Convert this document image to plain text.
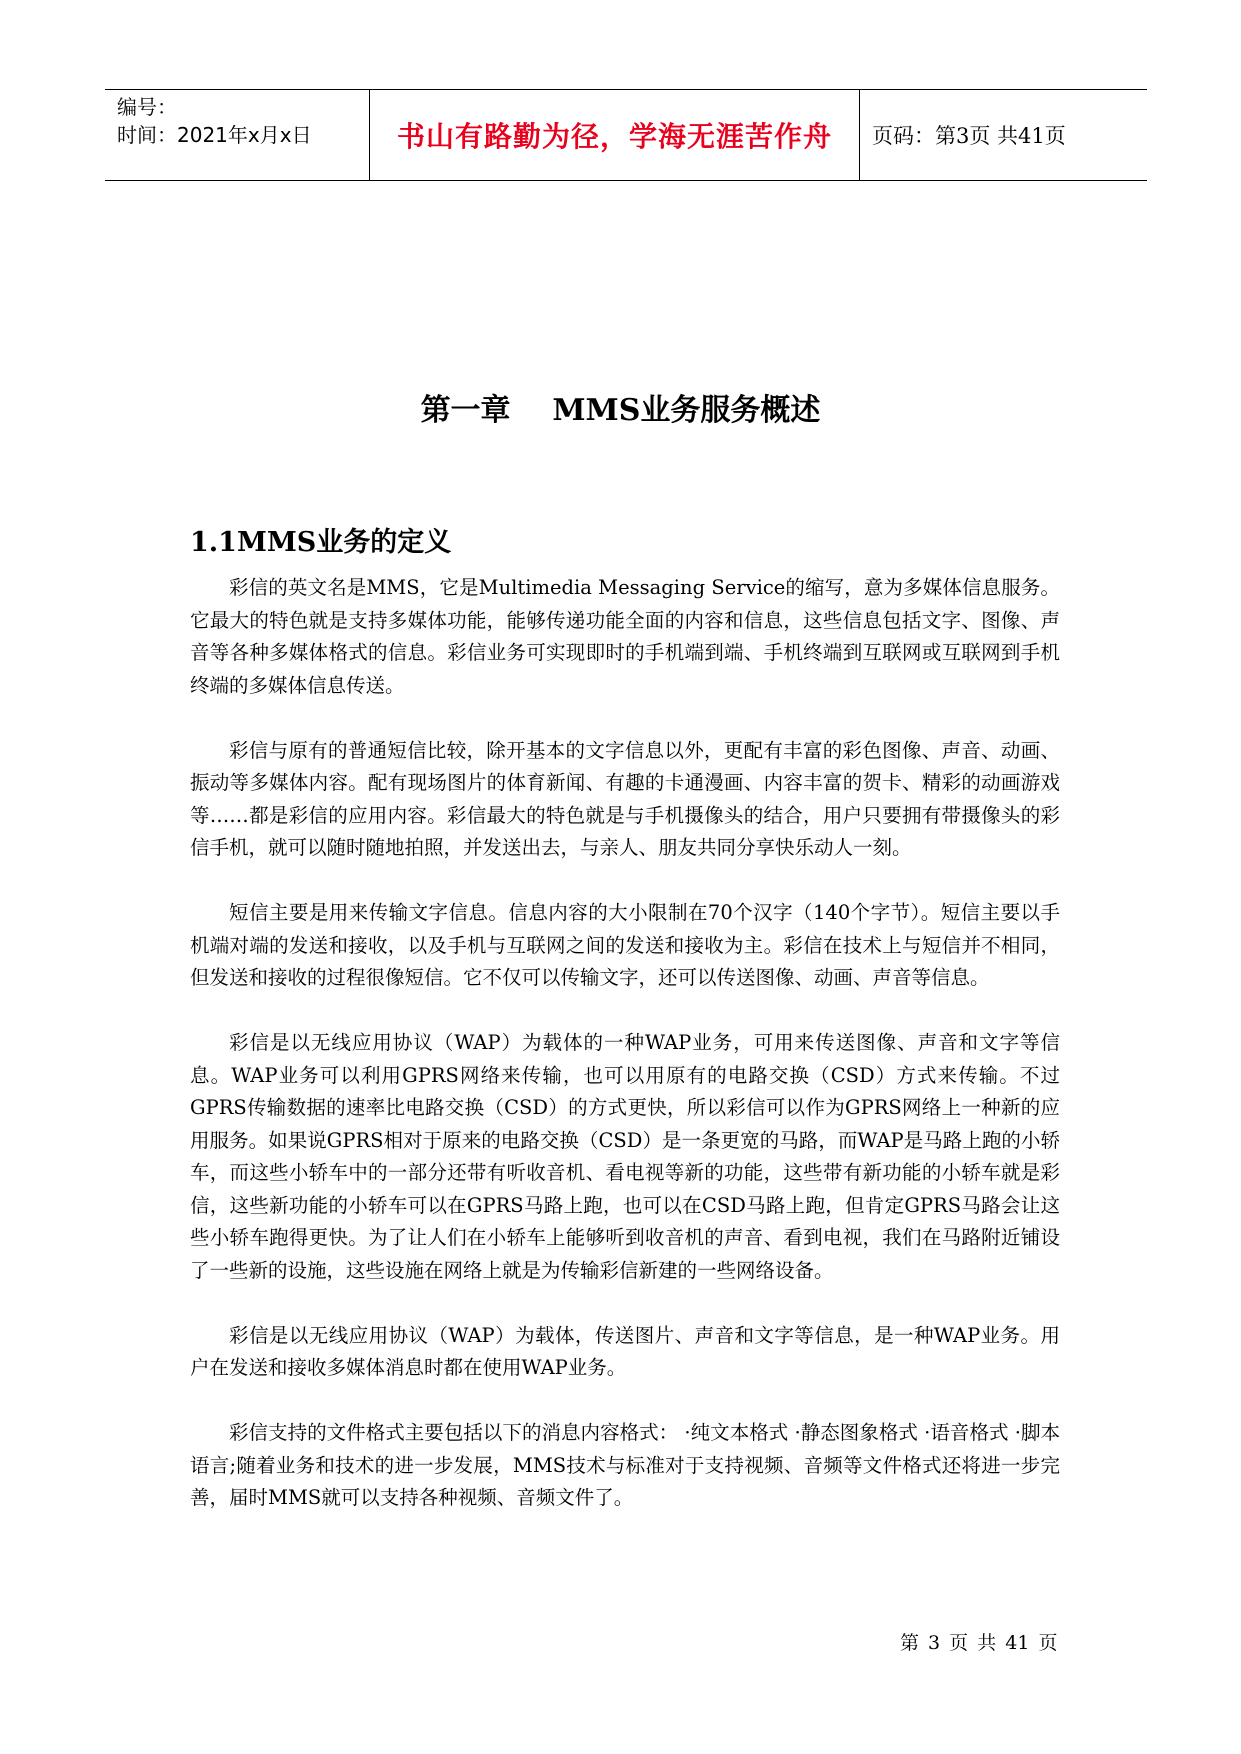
编号：
时间：2021年x月x日	书山有路勤为径，学海无涯苦作舟	页码：第3页 共41页
第一章    MMS业务服务概述
1.1MMS业务的定义

彩信的英文名是MMS，它是Multimedia Messaging Service的缩写，意为多媒体信息服务。它最大的特色就是支持多媒体功能，能够传递功能全面的内容和信息，这些信息包括文字、图像、声音等各种多媒体格式的信息。彩信业务可实现即时的手机端到端、手机终端到互联网或互联网到手机终端的多媒体信息传送。

彩信与原有的普通短信比较，除开基本的文字信息以外，更配有丰富的彩色图像、声音、动画、振动等多媒体内容。配有现场图片的体育新闻、有趣的卡通漫画、内容丰富的贺卡、精彩的动画游戏等……都是彩信的应用内容。彩信最大的特色就是与手机摄像头的结合，用户只要拥有带摄像头的彩信手机，就可以随时随地拍照，并发送出去，与亲人、朋友共同分享快乐动人一刻。

短信主要是用来传输文字信息。信息内容的大小限制在70个汉字（140个字节）。短信主要以手机端对端的发送和接收，以及手机与互联网之间的发送和接收为主。彩信在技术上与短信并不相同，但发送和接收的过程很像短信。它不仅可以传输文字，还可以传送图像、动画、声音等信息。

彩信是以无线应用协议（WAP）为载体的一种WAP业务，可用来传送图像、声音和文字等信息。WAP业务可以利用GPRS网络来传输，也可以用原有的电路交换（CSD）方式来传输。不过GPRS传输数据的速率比电路交换（CSD）的方式更快，所以彩信可以作为GPRS网络上一种新的应用服务。如果说GPRS相对于原来的电路交换（CSD）是一条更宽的马路，而WAP是马路上跑的小轿车，而这些小轿车中的一部分还带有听收音机、看电视等新的功能，这些带有新功能的小轿车就是彩信，这些新功能的小轿车可以在GPRS马路上跑，也可以在CSD马路上跑，但肯定GPRS马路会让这些小轿车跑得更快。为了让人们在小轿车上能够听到收音机的声音、看到电视，我们在马路附近铺设了一些新的设施，这些设施在网络上就是为传输彩信新建的一些网络设备。

彩信是以无线应用协议（WAP）为载体，传送图片、声音和文字等信息，是一种WAP业务。用户在发送和接收多媒体消息时都在使用WAP业务。

彩信支持的文件格式主要包括以下的消息内容格式： ·纯文本格式 ·静态图象格式 ·语音格式 ·脚本语言;随着业务和技术的进一步发展，MMS技术与标准对于支持视频、音频等文件格式还将进一步完善，届时MMS就可以支持各种视频、音频文件了。

第 3 页 共 41 页
